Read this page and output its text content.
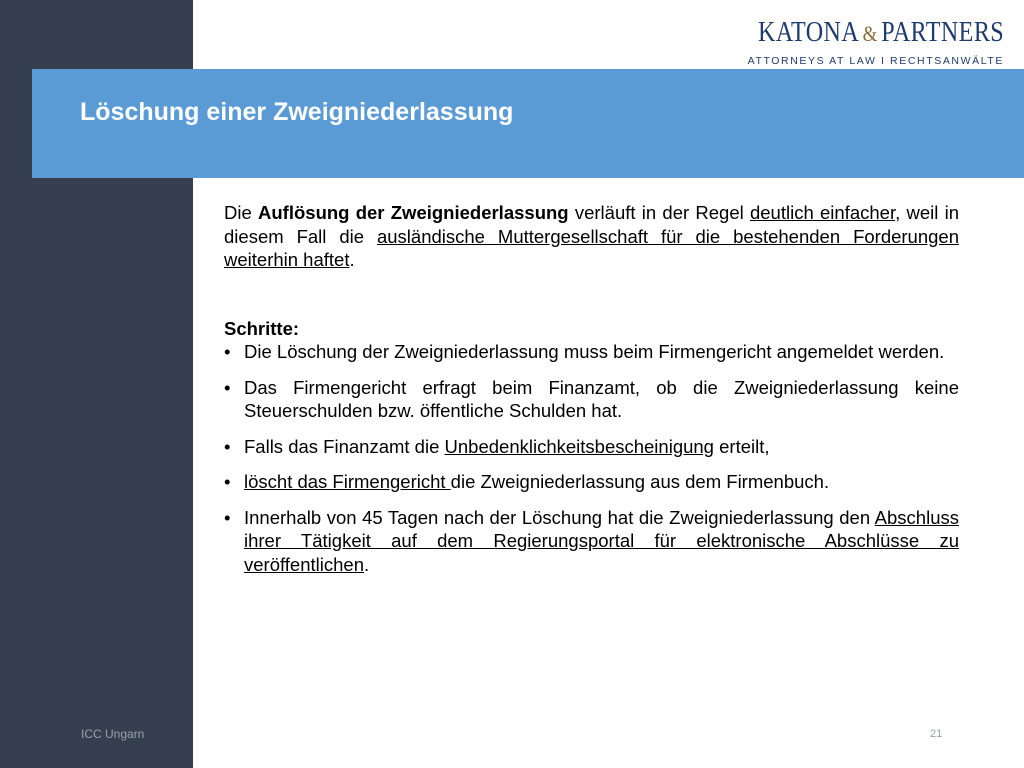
KATONA & PARTNERS
ATTORNEYS AT LAW I RECHTSANWÄLTE
Löschung einer Zweigniederlassung

Die Auflösung der Zweigniederlassung verläuft in der Regel deutlich einfacher, weil in diesem Fall die ausländische Muttergesellschaft für die bestehenden Forderungen weiterhin haftet.

Schritte:

• Die Löschung der Zweigniederlassung muss beim Firmengericht angemeldet werden.
• Das Firmengericht erfragt beim Finanzamt, ob die Zweigniederlassung keine Steuerschulden bzw. öffentliche Schulden hat.
• Falls das Finanzamt die Unbedenklichkeitsbescheinigung erteilt,
• löscht das Firmengericht die Zweigniederlassung aus dem Firmenbuch.
• Innerhalb von 45 Tagen nach der Löschung hat die Zweigniederlassung den Abschluss ihrer Tätigkeit auf dem Regierungsportal für elektronische Abschlüsse zu veröffentlichen.
ICC Ungarn	21
